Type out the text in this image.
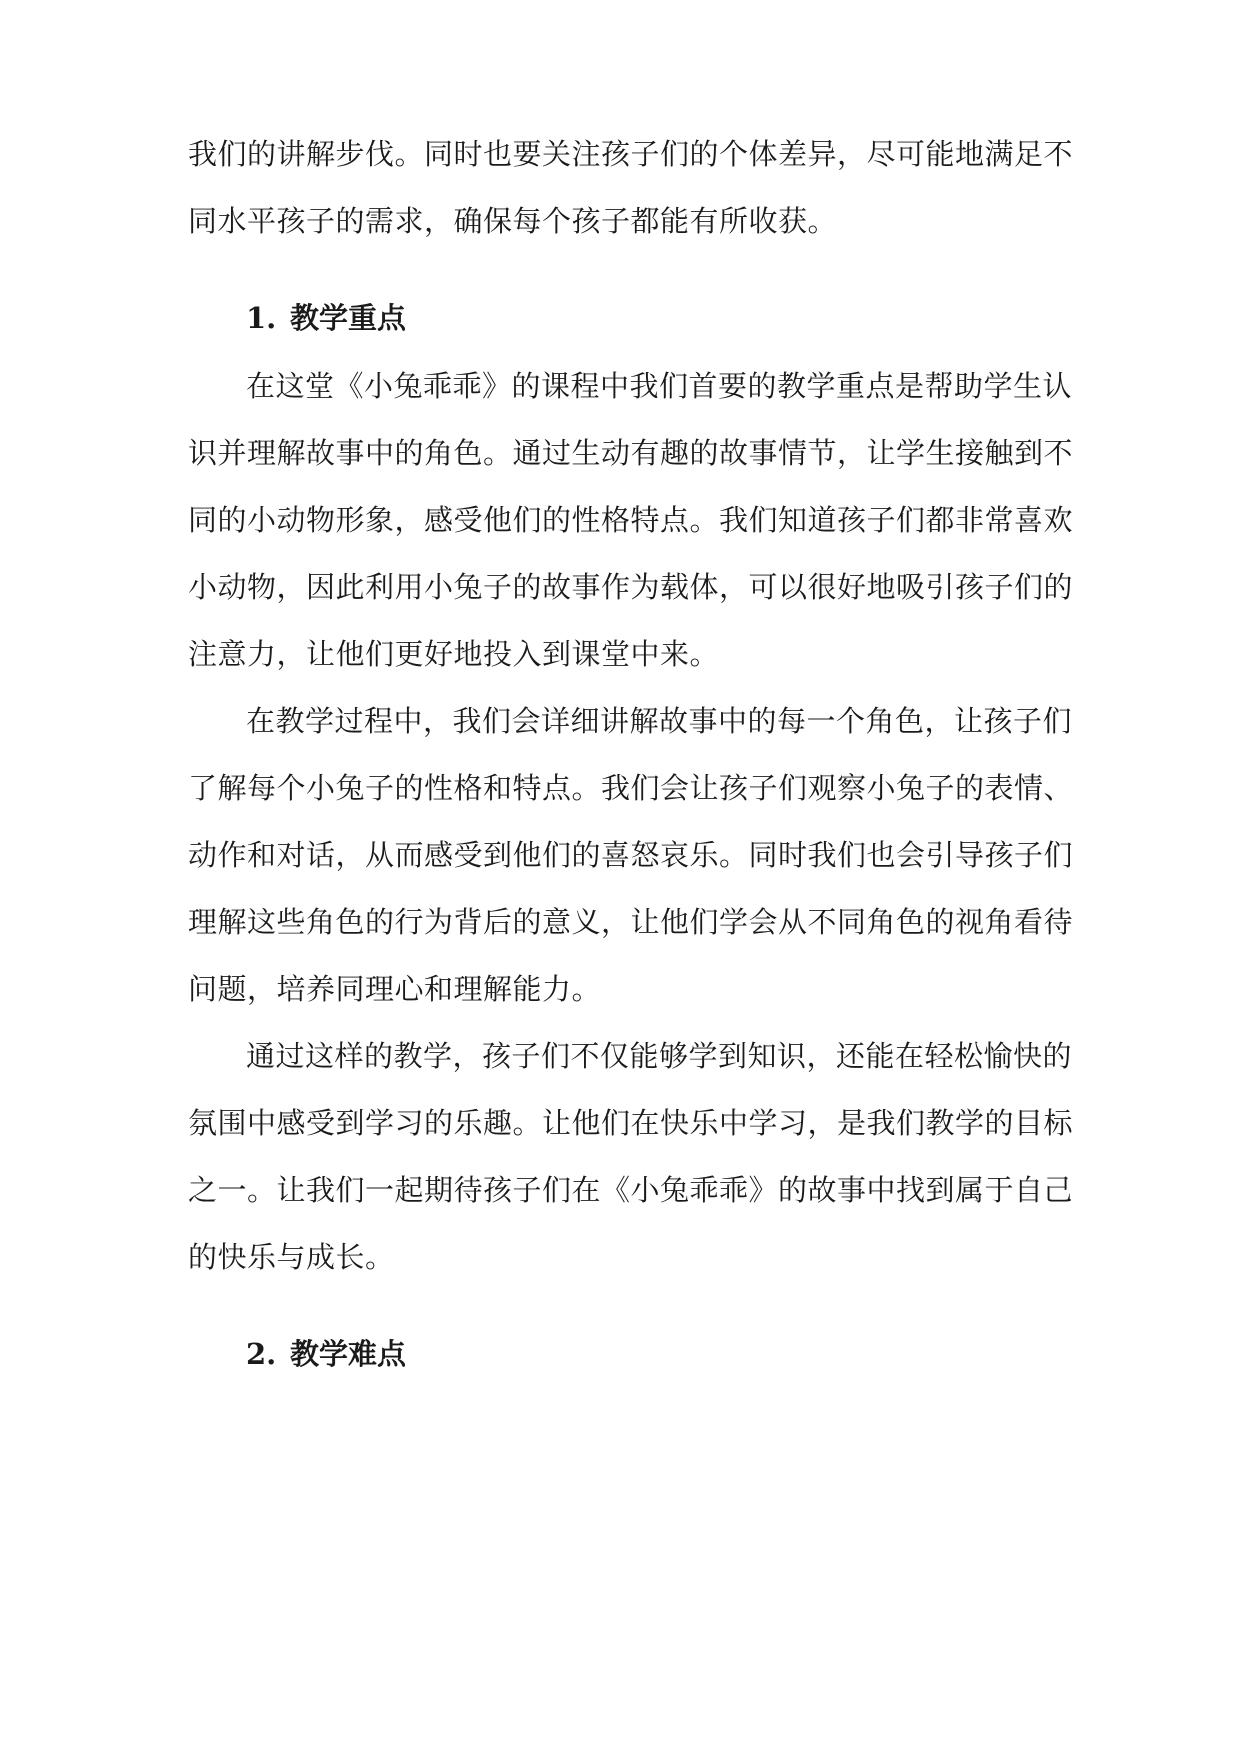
我们的讲解步伐。同时也要关注孩子们的个体差异，尽可能地满足不
同水平孩子的需求，确保每个孩子都能有所收获。
1. 教学重点
在这堂《小兔乖乖》的课程中我们首要的教学重点是帮助学生认
识并理解故事中的角色。通过生动有趣的故事情节，让学生接触到不
同的小动物形象，感受他们的性格特点。我们知道孩子们都非常喜欢
小动物，因此利用小兔子的故事作为载体，可以很好地吸引孩子们的
注意力，让他们更好地投入到课堂中来。
在教学过程中，我们会详细讲解故事中的每一个角色，让孩子们
了解每个小兔子的性格和特点。我们会让孩子们观察小兔子的表情、
动作和对话，从而感受到他们的喜怒哀乐。同时我们也会引导孩子们
理解这些角色的行为背后的意义，让他们学会从不同角色的视角看待
问题，培养同理心和理解能力。
通过这样的教学，孩子们不仅能够学到知识，还能在轻松愉快的
氛围中感受到学习的乐趣。让他们在快乐中学习，是我们教学的目标
之一。让我们一起期待孩子们在《小兔乖乖》的故事中找到属于自己
的快乐与成长。
2. 教学难点
